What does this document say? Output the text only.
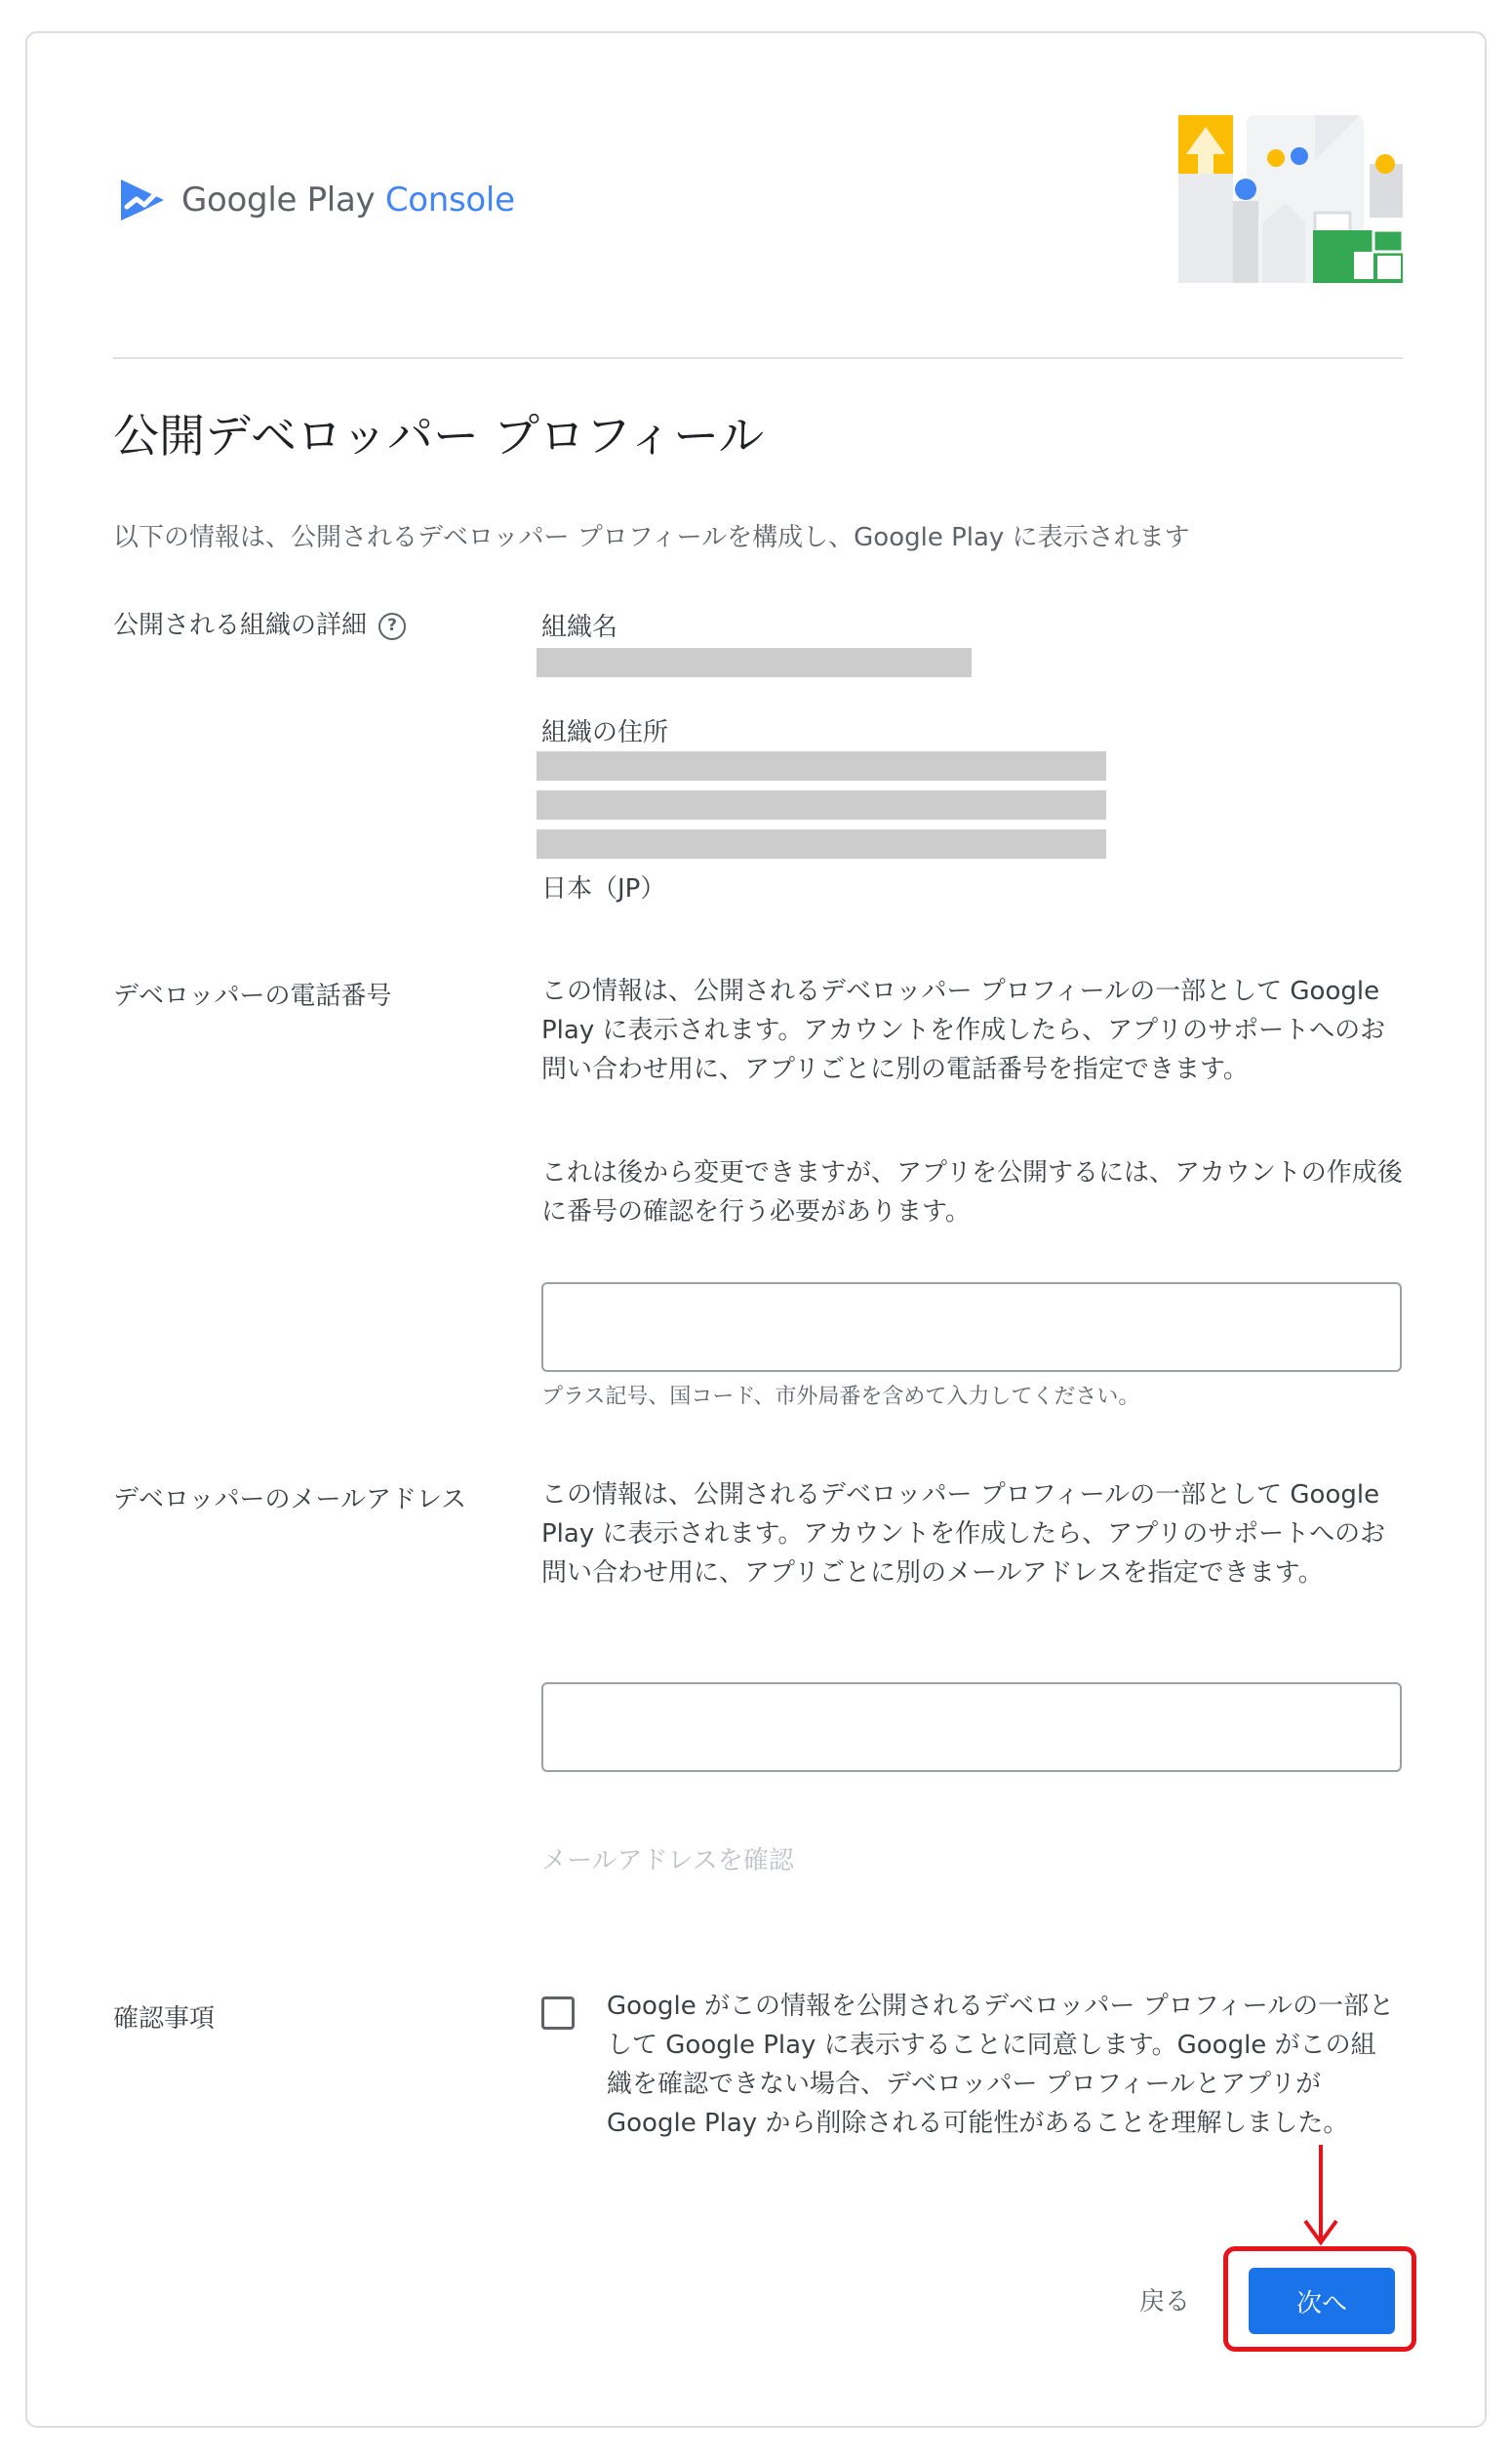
Google Play Console
公開デベロッパー プロフィール
以下の情報は、公開されるデベロッパー プロフィールを構成し、Google Play に表示されます
公開される組織の詳細 ?	組織名
組織の住所
日本（JP）
デベロッパーの電話番号	この情報は、公開されるデベロッパー プロフィールの一部として Google Play に表示されます。アカウントを作成したら、アプリのサポートへのお問い合わせ用に、アプリごとに別の電話番号を指定できます。
これは後から変更できますが、アプリを公開するには、アカウントの作成後に番号の確認を行う必要があります。
プラス記号、国コード、市外局番を含めて入力してください。
デベロッパーのメールアドレス	この情報は、公開されるデベロッパー プロフィールの一部として Google Play に表示されます。アカウントを作成したら、アプリのサポートへのお問い合わせ用に、アプリごとに別のメールアドレスを指定できます。
メールアドレスを確認
確認事項	Google がこの情報を公開されるデベロッパー プロフィールの一部として Google Play に表示することに同意します。Google がこの組織を確認できない場合、デベロッパー プロフィールとアプリが Google Play から削除される可能性があることを理解しました。
戻る	次へ
